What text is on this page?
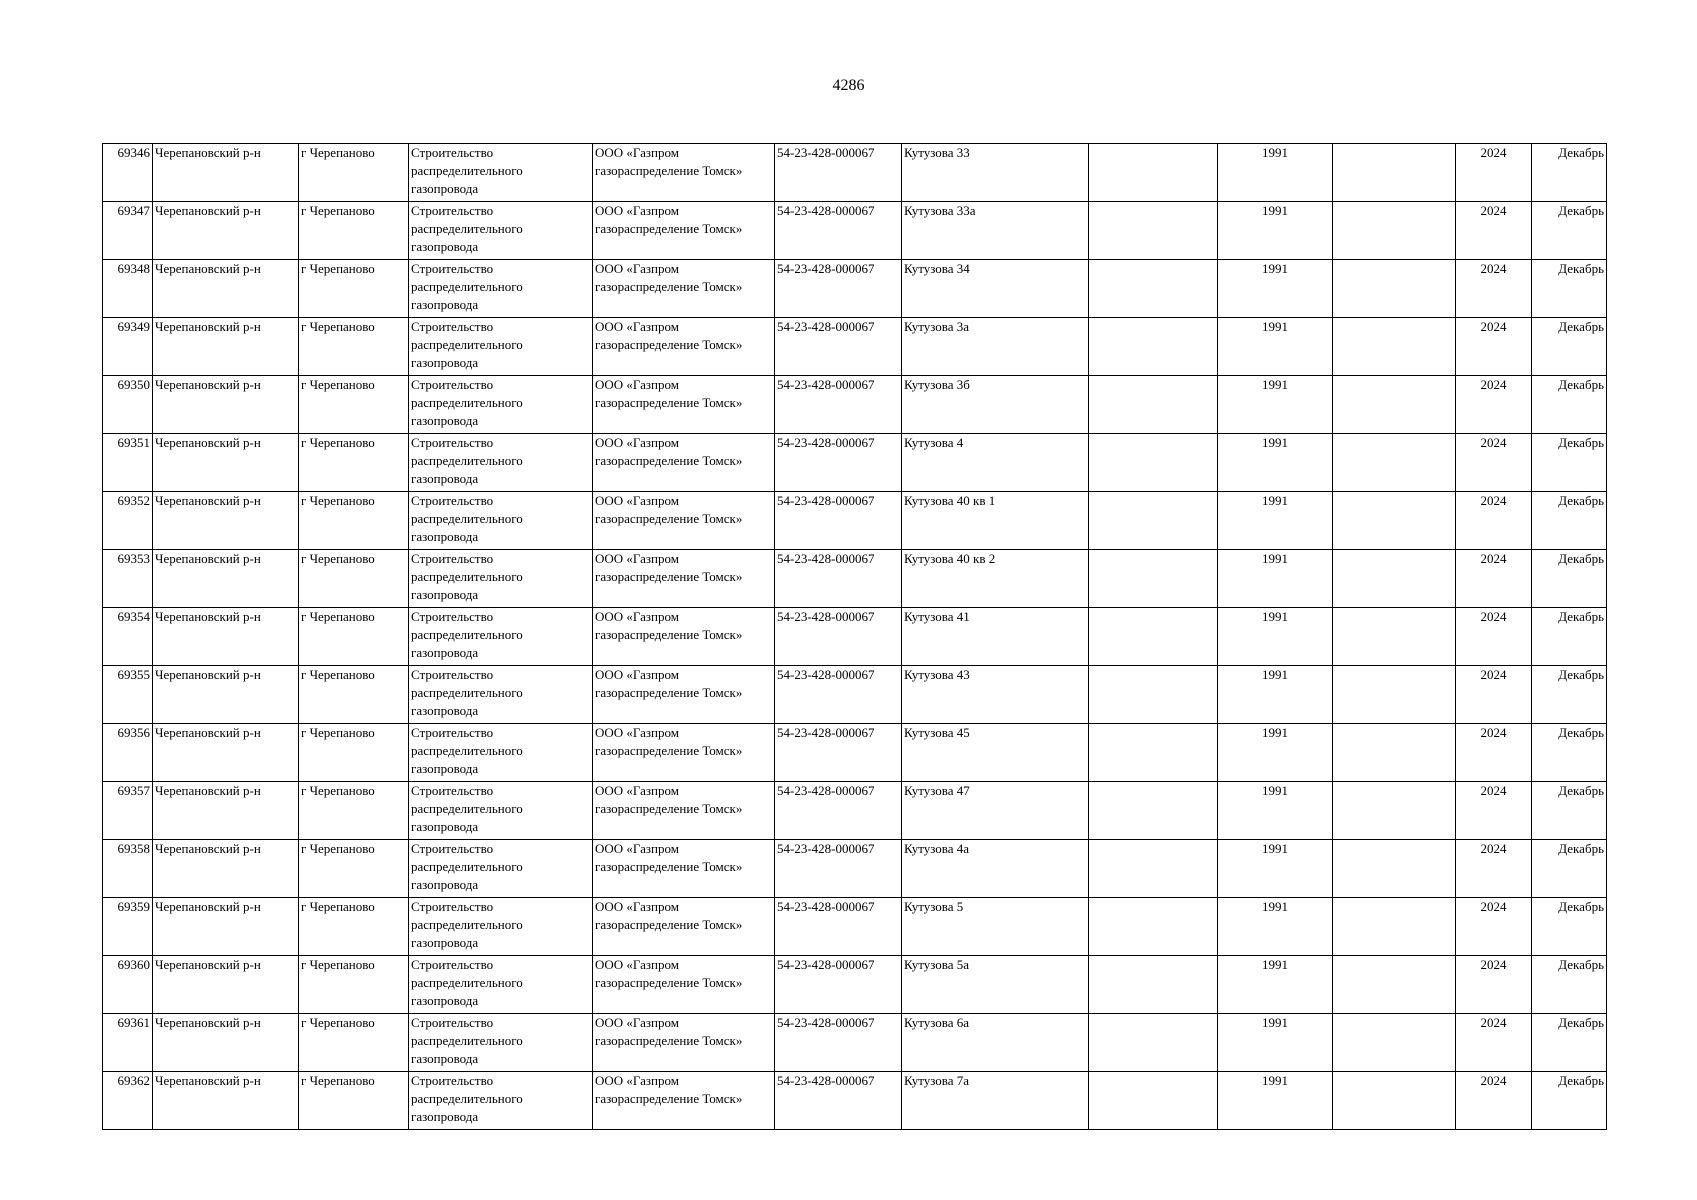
4286
69346	Черепановский р-н	г Черепаново	Строительство распределительного газопровода	ООО «Газпром газораспределение Томск»	54-23-428-000067	Кутузова 33		1991		2024	Декабрь
69347	Черепановский р-н	г Черепаново	Строительство распределительного газопровода	ООО «Газпром газораспределение Томск»	54-23-428-000067	Кутузова 33а		1991		2024	Декабрь
69348	Черепановский р-н	г Черепаново	Строительство распределительного газопровода	ООО «Газпром газораспределение Томск»	54-23-428-000067	Кутузова 34		1991		2024	Декабрь
69349	Черепановский р-н	г Черепаново	Строительство распределительного газопровода	ООО «Газпром газораспределение Томск»	54-23-428-000067	Кутузова 3а		1991		2024	Декабрь
69350	Черепановский р-н	г Черепаново	Строительство распределительного газопровода	ООО «Газпром газораспределение Томск»	54-23-428-000067	Кутузова 3б		1991		2024	Декабрь
69351	Черепановский р-н	г Черепаново	Строительство распределительного газопровода	ООО «Газпром газораспределение Томск»	54-23-428-000067	Кутузова 4		1991		2024	Декабрь
69352	Черепановский р-н	г Черепаново	Строительство распределительного газопровода	ООО «Газпром газораспределение Томск»	54-23-428-000067	Кутузова 40 кв 1		1991		2024	Декабрь
69353	Черепановский р-н	г Черепаново	Строительство распределительного газопровода	ООО «Газпром газораспределение Томск»	54-23-428-000067	Кутузова 40 кв 2		1991		2024	Декабрь
69354	Черепановский р-н	г Черепаново	Строительство распределительного газопровода	ООО «Газпром газораспределение Томск»	54-23-428-000067	Кутузова 41		1991		2024	Декабрь
69355	Черепановский р-н	г Черепаново	Строительство распределительного газопровода	ООО «Газпром газораспределение Томск»	54-23-428-000067	Кутузова 43		1991		2024	Декабрь
69356	Черепановский р-н	г Черепаново	Строительство распределительного газопровода	ООО «Газпром газораспределение Томск»	54-23-428-000067	Кутузова 45		1991		2024	Декабрь
69357	Черепановский р-н	г Черепаново	Строительство распределительного газопровода	ООО «Газпром газораспределение Томск»	54-23-428-000067	Кутузова 47		1991		2024	Декабрь
69358	Черепановский р-н	г Черепаново	Строительство распределительного газопровода	ООО «Газпром газораспределение Томск»	54-23-428-000067	Кутузова 4а		1991		2024	Декабрь
69359	Черепановский р-н	г Черепаново	Строительство распределительного газопровода	ООО «Газпром газораспределение Томск»	54-23-428-000067	Кутузова 5		1991		2024	Декабрь
69360	Черепановский р-н	г Черепаново	Строительство распределительного газопровода	ООО «Газпром газораспределение Томск»	54-23-428-000067	Кутузова 5а		1991		2024	Декабрь
69361	Черепановский р-н	г Черепаново	Строительство распределительного газопровода	ООО «Газпром газораспределение Томск»	54-23-428-000067	Кутузова 6а		1991		2024	Декабрь
69362	Черепановский р-н	г Черепаново	Строительство распределительного газопровода	ООО «Газпром газораспределение Томск»	54-23-428-000067	Кутузова 7а		1991		2024	Декабрь
